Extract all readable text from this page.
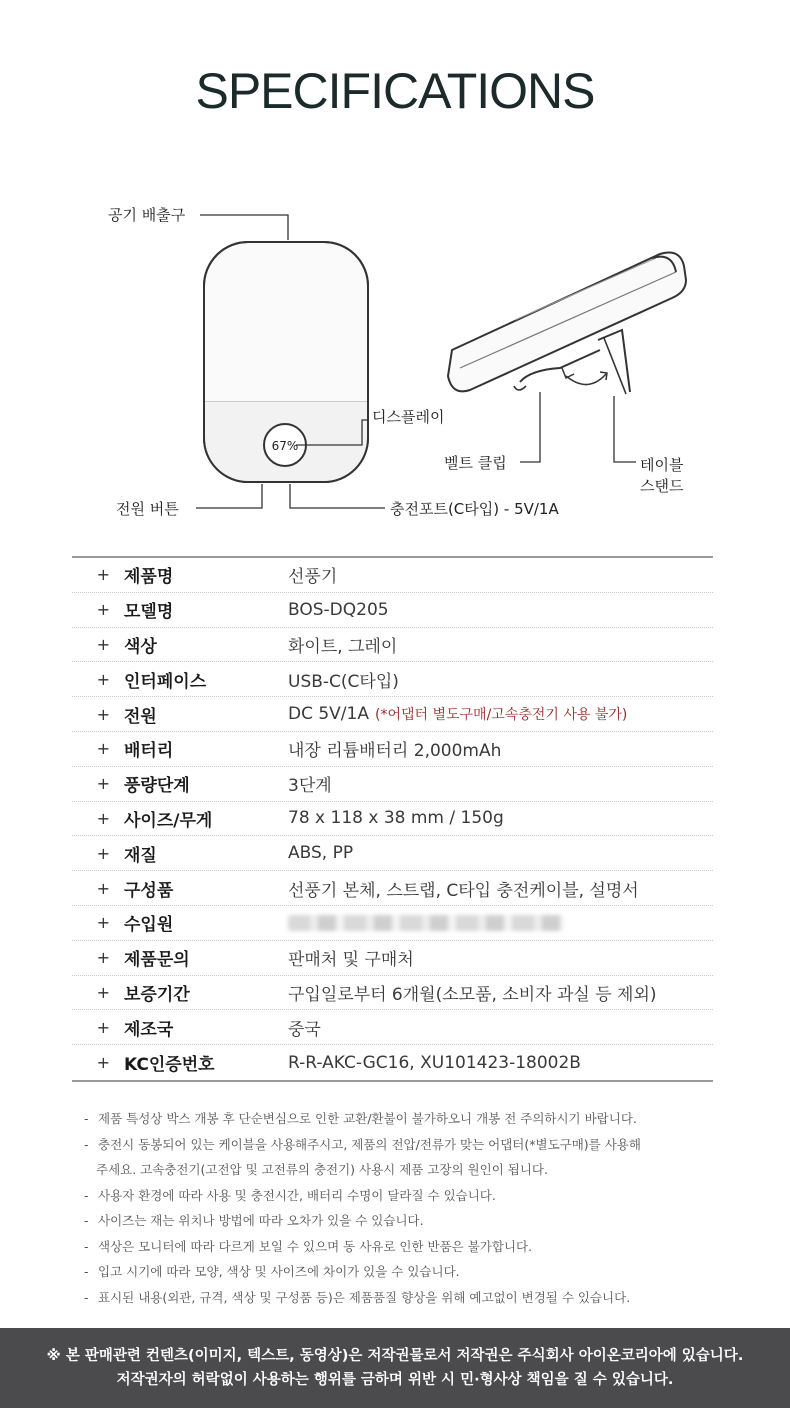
SPECIFICATIONS
67%
공기 배출구
디스플레이
전원 버튼	충전포트(C타입) - 5V/1A
벨트 클립	테이블
스탠드
+ 제품명	선풍기
+ 모델명	BOS-DQ205
+ 색상	화이트, 그레이
+ 인터페이스	USB-C(C타입)
+ 전원	DC 5V/1A (*어댑터 별도구매/고속충전기 사용 불가)
+ 배터리	내장 리튬배터리 2,000mAh
+ 풍량단계	3단계
+ 사이즈/무게	78 x 118 x 38 mm / 150g
+ 재질	ABS, PP
+ 구성품	선풍기 본체, 스트랩, C타입 충전케이블, 설명서
+ 수입원
+ 제품문의	판매처 및 구매처
+ 보증기간	구입일로부터 6개월(소모품, 소비자 과실 등 제외)
+ 제조국	중국
+ KC인증번호	R-R-AKC-GC16, XU101423-18002B
- 제품 특성상 박스 개봉 후 단순변심으로 인한 교환/환불이 불가하오니 개봉 전 주의하시기 바랍니다.
- 충전시 동봉되어 있는 케이블을 사용해주시고, 제품의 전압/전류가 맞는 어댑터(*별도구매)를 사용해
주세요. 고속충전기(고전압 및 고전류의 충전기) 사용시 제품 고장의 원인이 됩니다.
- 사용자 환경에 따라 사용 및 충전시간, 배터리 수명이 달라질 수 있습니다.
- 사이즈는 재는 위치나 방법에 따라 오차가 있을 수 있습니다.
- 색상은 모니터에 따라 다르게 보일 수 있으며 동 사유로 인한 반품은 불가합니다.
- 입고 시기에 따라 모양, 색상 및 사이즈에 차이가 있을 수 있습니다.
- 표시된 내용(외관, 규격, 색상 및 구성품 등)은 제품품질 향상을 위해 예고없이 변경될 수 있습니다.
※ 본 판매관련 컨텐츠(이미지, 텍스트, 동영상)은 저작권물로서 저작권은 주식회사 아이온코리아에 있습니다.
저작권자의 허락없이 사용하는 행위를 금하며 위반 시 민·형사상 책임을 질 수 있습니다.
